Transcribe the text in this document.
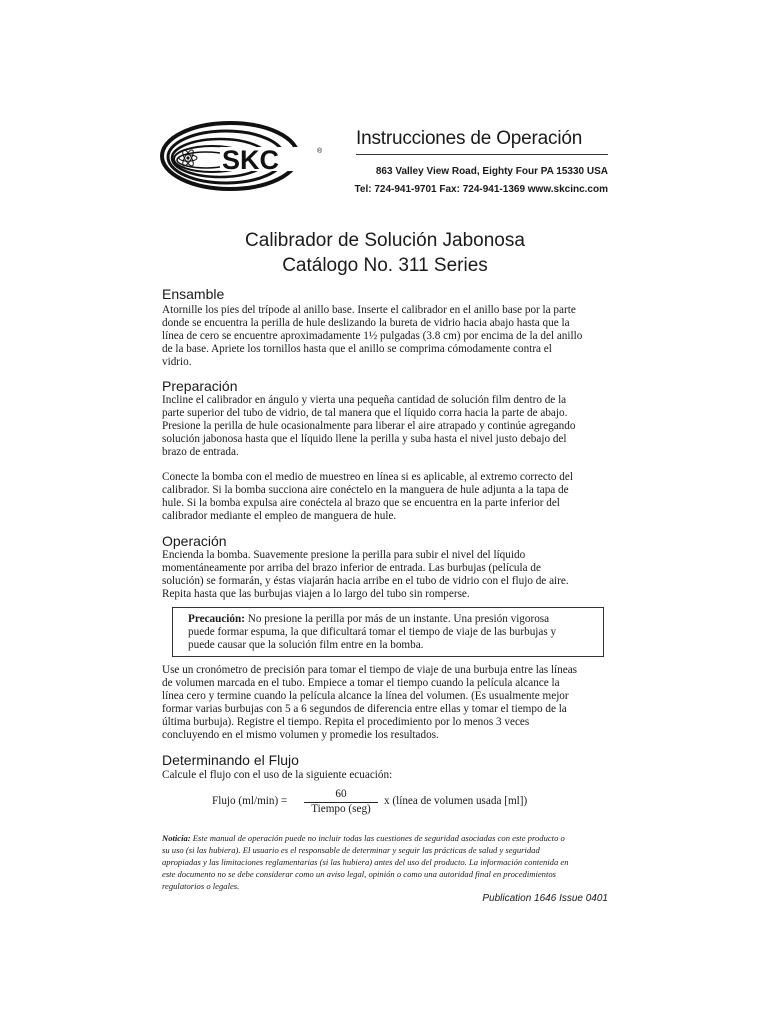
SKC	®
Instrucciones de Operación
863 Valley View Road, Eighty Four PA 15330 USA
Tel: 724-941-9701 Fax: 724-941-1369 www.skcinc.com
Calibrador de Solución Jabonosa
Catálogo No. 311 Series
Ensamble
Atornille los pies del trípode al anillo base. Inserte el calibrador en el anillo base por la parte
donde se encuentra la perilla de hule deslizando la bureta de vidrio hacia abajo hasta que la
línea de cero se encuentre aproximadamente 1½ pulgadas (3.8 cm) por encima de la del anillo
de la base. Apriete los tornillos hasta que el anillo se comprima cómodamente contra el
vidrio.
Preparación
Incline el calibrador en ángulo y vierta una pequeña cantidad de solución film dentro de la
parte superior del tubo de vidrio, de tal manera que el líquido corra hacia la parte de abajo.
Presione la perilla de hule ocasionalmente para liberar el aire atrapado y continúe agregando
solución jabonosa hasta que el líquido llene la perilla y suba hasta el nivel justo debajo del
brazo de entrada.
Conecte la bomba con el medio de muestreo en línea si es aplicable, al extremo correcto del
calibrador. Si la bomba succiona aire conéctelo en la manguera de hule adjunta a la tapa de
hule. Si la bomba expulsa aire conéctela al brazo que se encuentra en la parte inferior del
calibrador mediante el empleo de manguera de hule.
Operación
Encienda la bomba. Suavemente presione la perilla para subir el nivel del líquido
momentáneamente por arriba del brazo inferior de entrada. Las burbujas (película de
solución) se formarán, y éstas viajarán hacia arribe en el tubo de vidrio con el flujo de aire.
Repita hasta que las burbujas viajen a lo largo del tubo sin romperse.
Precaución: No presione la perilla por más de un instante. Una presión vigorosa
puede formar espuma, la que dificultará tomar el tiempo de viaje de las burbujas y
puede causar que la solución film entre en la bomba.
Use un cronómetro de precisión para tomar el tiempo de viaje de una burbuja entre las líneas
de volumen marcada en el tubo. Empiece a tomar el tiempo cuando la película alcance la
línea cero y termine cuando la película alcance la línea del volumen. (Es usualmente mejor
formar varias burbujas con 5 a 6 segundos de diferencia entre ellas y tomar el tiempo de la
última burbuja). Registre el tiempo. Repita el procedimiento por lo menos 3 veces
concluyendo en el mismo volumen y promedie los resultados.
Determinando el Flujo
Calcule el flujo con el uso de la siguiente ecuación:
Flujo (ml/min) =
60
Tiempo (seg)
x (línea de volumen usada [ml])
Noticia: Este manual de operación puede no incluir todas las cuestiones de seguridad asociadas con este producto o
su uso (si las hubiera). El usuario es el responsable de determinar y seguir las prácticas de salud y seguridad
apropiadas y las limitaciones reglamentarias (si las hubiera) antes del uso del producto. La información contenida en
este documento no se debe considerar como un aviso legal, opinión o como una autoridad final en procedimientos
regulatorios o legales.
Publication 1646 Issue 0401
